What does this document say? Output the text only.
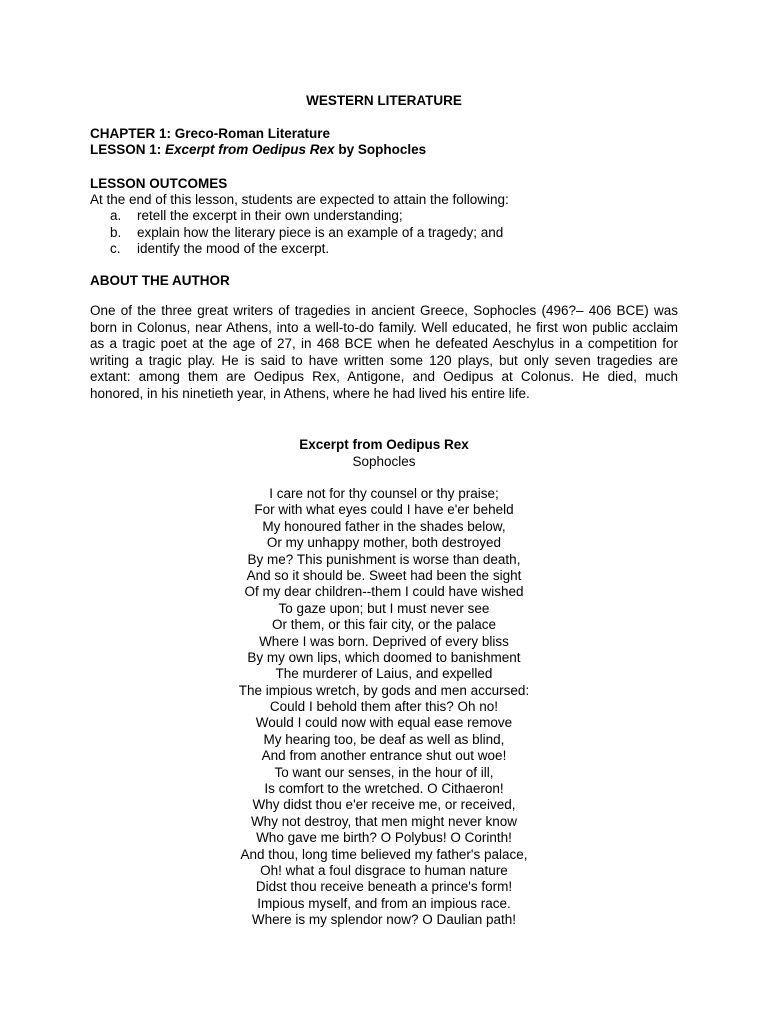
WESTERN LITERATURE

CHAPTER 1: Greco-Roman Literature

LESSON 1: Excerpt from Oedipus Rex by Sophocles

LESSON OUTCOMES

At the end of this lesson, students are expected to attain the following:

a. retell the excerpt in their own understanding;
b. explain how the literary piece is an example of a tragedy; and
c. identify the mood of the excerpt.

ABOUT THE AUTHOR

One of the three great writers of tragedies in ancient Greece, Sophocles (496?– 406 BCE) was born in Colonus, near Athens, into a well-to-do family. Well educated, he first won public acclaim as a tragic poet at the age of 27, in 468 BCE when he defeated Aeschylus in a competition for writing a tragic play. He is said to have written some 120 plays, but only seven tragedies are extant: among them are Oedipus Rex, Antigone, and Oedipus at Colonus. He died, much honored, in his ninetieth year, in Athens, where he had lived his entire life.

Excerpt from Oedipus Rex

Sophocles

I care not for thy counsel or thy praise;
For with what eyes could I have e'er beheld
My honoured father in the shades below,
Or my unhappy mother, both destroyed
By me? This punishment is worse than death,
And so it should be. Sweet had been the sight
Of my dear children--them I could have wished
To gaze upon; but I must never see
Or them, or this fair city, or the palace
Where I was born. Deprived of every bliss
By my own lips, which doomed to banishment
The murderer of Laius, and expelled
The impious wretch, by gods and men accursed:
Could I behold them after this? Oh no!
Would I could now with equal ease remove
My hearing too, be deaf as well as blind,
And from another entrance shut out woe!
To want our senses, in the hour of ill,
Is comfort to the wretched. O Cithaeron!
Why didst thou e'er receive me, or received,
Why not destroy, that men might never know
Who gave me birth? O Polybus! O Corinth!
And thou, long time believed my father's palace,
Oh! what a foul disgrace to human nature
Didst thou receive beneath a prince's form!
Impious myself, and from an impious race.
Where is my splendor now? O Daulian path!
